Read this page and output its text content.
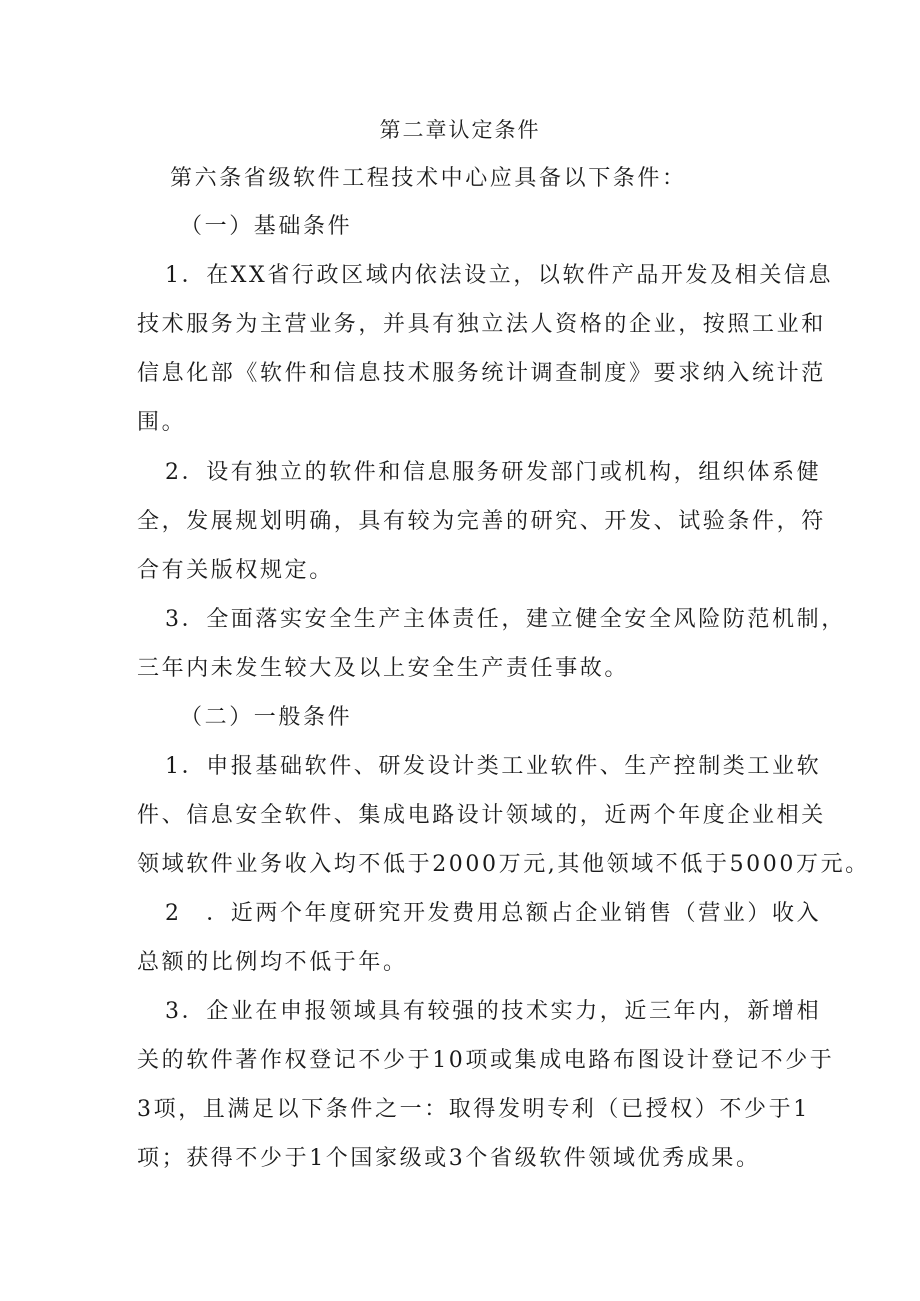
第二章认定条件

第六条省级软件工程技术中心应具备以下条件：

（一）基础条件

1．在XX省行政区域内依法设立，以软件产品开发及相关信息

技术服务为主营业务，并具有独立法人资格的企业，按照工业和

信息化部《软件和信息技术服务统计调查制度》要求纳入统计范

围。

2．设有独立的软件和信息服务研发部门或机构，组织体系健

全，发展规划明确，具有较为完善的研究、开发、试验条件，符

合有关版权规定。

3．全面落实安全生产主体责任，建立健全安全风险防范机制，

三年内未发生较大及以上安全生产责任事故。

（二）一般条件

1．申报基础软件、研发设计类工业软件、生产控制类工业软

件、信息安全软件、集成电路设计领域的，近两个年度企业相关

领域软件业务收入均不低于2000万元,其他领域不低于5000万元。

2　．近两个年度研究开发费用总额占企业销售（营业）收入

总额的比例均不低于年。

3．企业在申报领域具有较强的技术实力，近三年内，新增相

关的软件著作权登记不少于10项或集成电路布图设计登记不少于

3项，且满足以下条件之一：取得发明专利（已授权）不少于1

项；获得不少于1个国家级或3个省级软件领域优秀成果。
